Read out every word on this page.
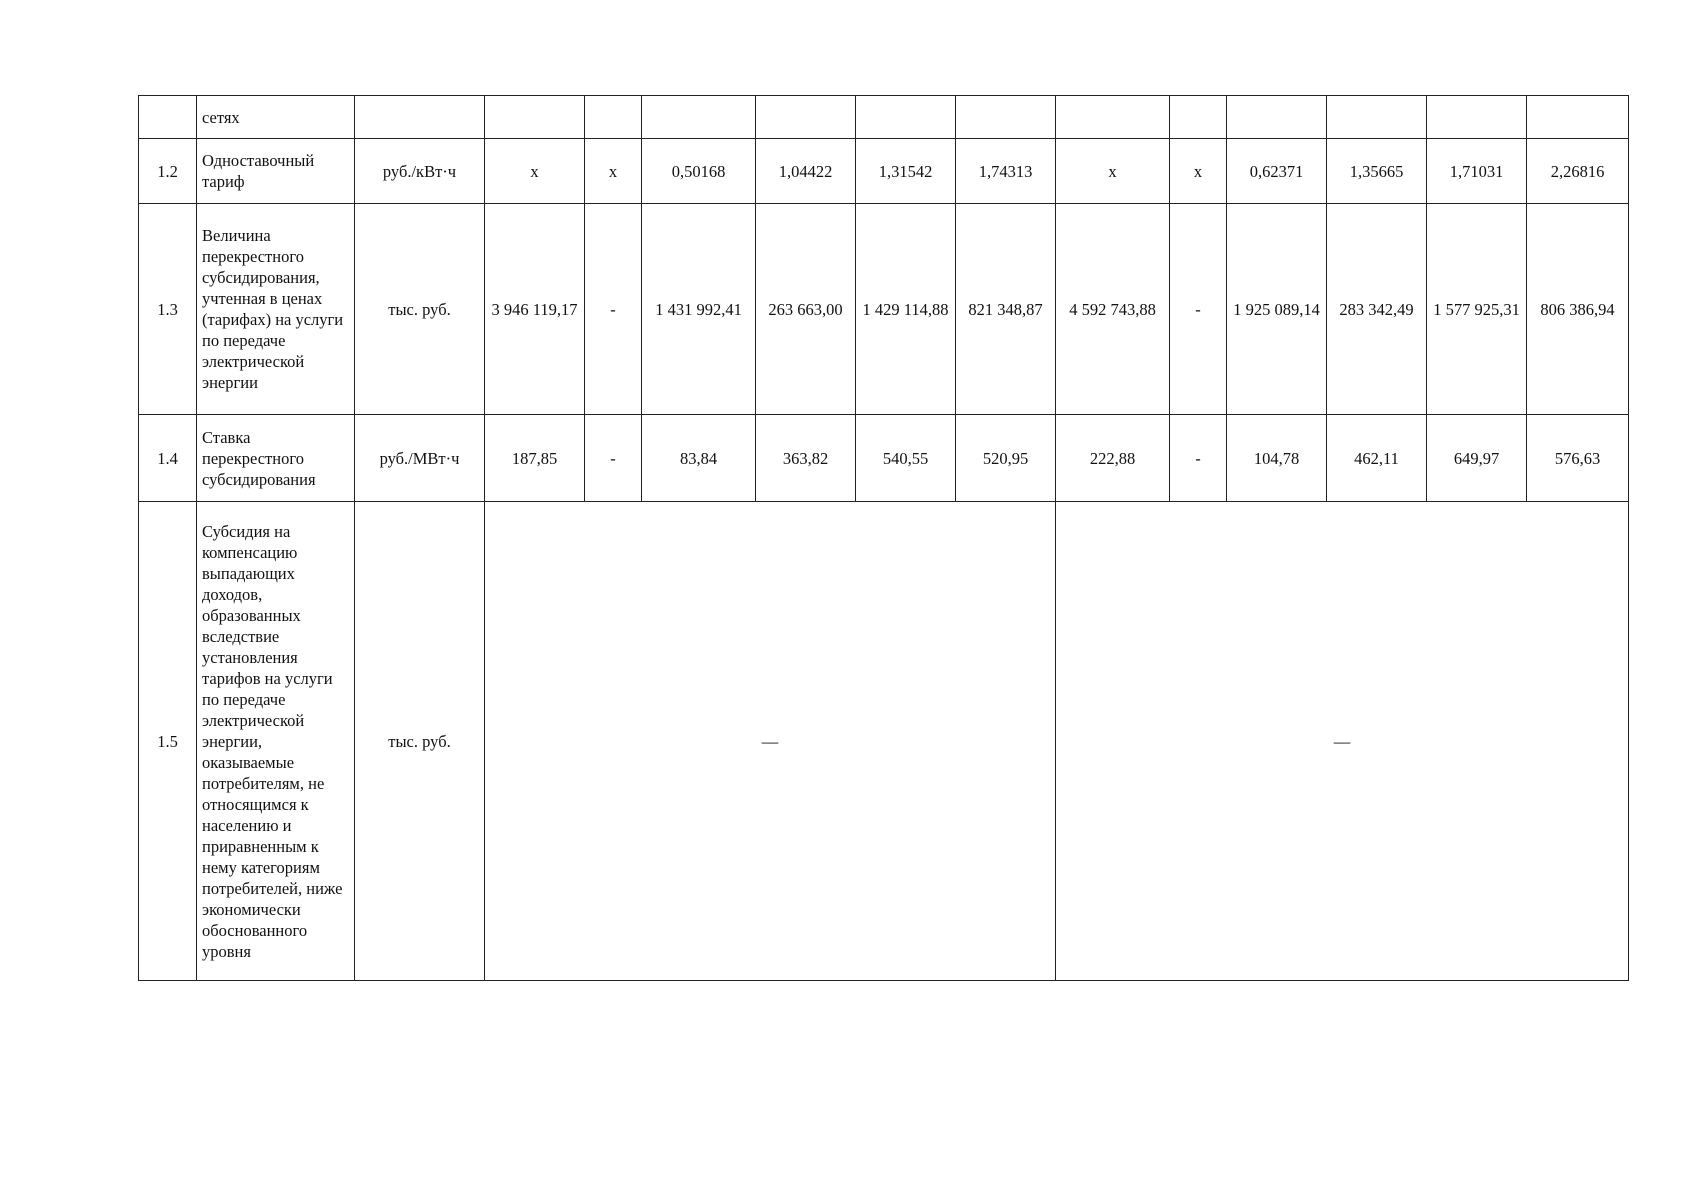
	сетях													
1.2	Одноставочный тариф	руб./кВт·ч	х	х	0,50168	1,04422	1,31542	1,74313	х	х	0,62371	1,35665	1,71031	2,26816
1.3	Величина перекрестного субсидирования, учтенная в ценах (тарифах) на услуги по передаче электрической энергии	тыс. руб.	3 946 119,17	-	1 431 992,41	263 663,00	1 429 114,88	821 348,87	4 592 743,88	-	1 925 089,14	283 342,49	1 577 925,31	806 386,94
1.4	Ставка перекрестного субсидирования	руб./МВт·ч	187,85	-	83,84	363,82	540,55	520,95	222,88	-	104,78	462,11	649,97	576,63
1.5	Субсидия на компенсацию выпадающих доходов, образованных вследствие установления тарифов на услуги по передаче электрической энергии, оказываемые потребителям, не относящимся к населению и приравненным к нему категориям потребителей, ниже экономически обоснованного уровня	тыс. руб.	—						—					
